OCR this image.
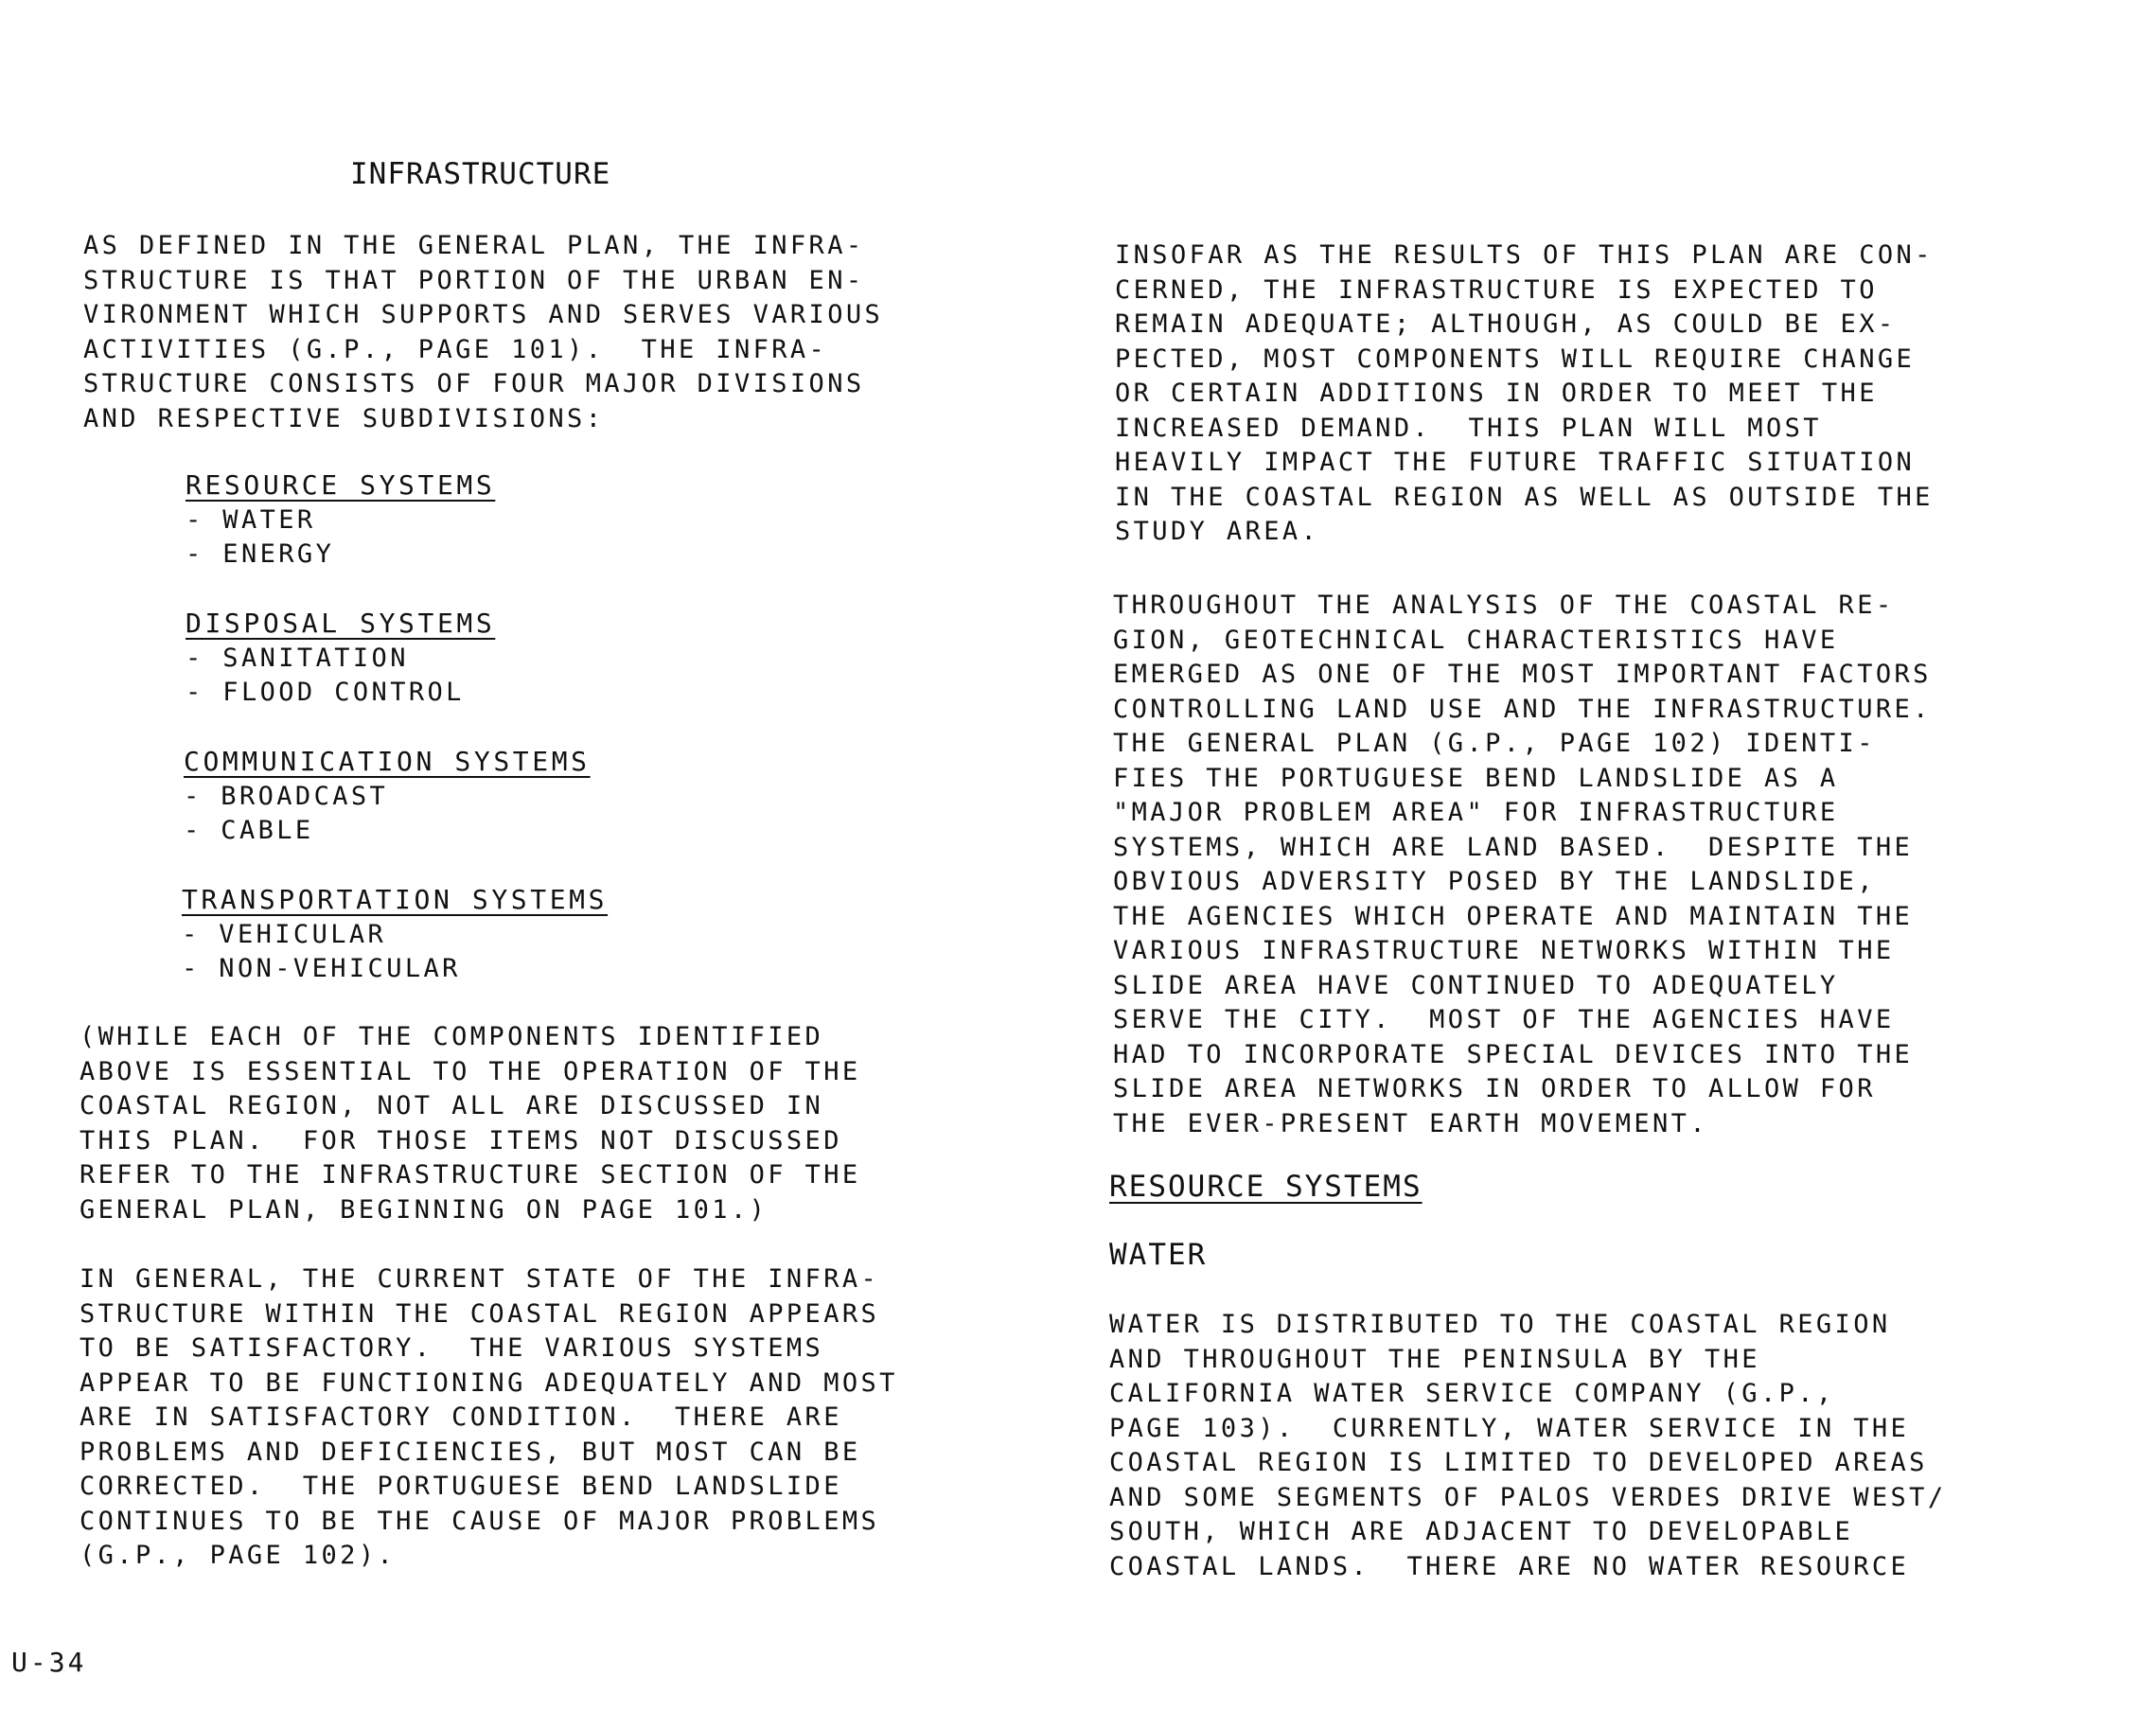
INFRASTRUCTURE

AS DEFINED IN THE GENERAL PLAN, THE INFRA-
STRUCTURE IS THAT PORTION OF THE URBAN EN-
VIRONMENT WHICH SUPPORTS AND SERVES VARIOUS
ACTIVITIES (G.P., PAGE 101).  THE INFRA-
STRUCTURE CONSISTS OF FOUR MAJOR DIVISIONS
AND RESPECTIVE SUBDIVISIONS:

RESOURCE SYSTEMS
- WATER
- ENERGY
DISPOSAL SYSTEMS
- SANITATION
- FLOOD CONTROL
COMMUNICATION SYSTEMS
- BROADCAST
- CABLE
TRANSPORTATION SYSTEMS
- VEHICULAR
- NON-VEHICULAR

(WHILE EACH OF THE COMPONENTS IDENTIFIED
ABOVE IS ESSENTIAL TO THE OPERATION OF THE
COASTAL REGION, NOT ALL ARE DISCUSSED IN
THIS PLAN.  FOR THOSE ITEMS NOT DISCUSSED
REFER TO THE INFRASTRUCTURE SECTION OF THE
GENERAL PLAN, BEGINNING ON PAGE 101.)

IN GENERAL, THE CURRENT STATE OF THE INFRA-
STRUCTURE WITHIN THE COASTAL REGION APPEARS
TO BE SATISFACTORY.  THE VARIOUS SYSTEMS
APPEAR TO BE FUNCTIONING ADEQUATELY AND MOST
ARE IN SATISFACTORY CONDITION.  THERE ARE
PROBLEMS AND DEFICIENCIES, BUT MOST CAN BE
CORRECTED.  THE PORTUGUESE BEND LANDSLIDE
CONTINUES TO BE THE CAUSE OF MAJOR PROBLEMS
(G.P., PAGE 102).

INSOFAR AS THE RESULTS OF THIS PLAN ARE CON-
CERNED, THE INFRASTRUCTURE IS EXPECTED TO
REMAIN ADEQUATE; ALTHOUGH, AS COULD BE EX-
PECTED, MOST COMPONENTS WILL REQUIRE CHANGE
OR CERTAIN ADDITIONS IN ORDER TO MEET THE
INCREASED DEMAND.  THIS PLAN WILL MOST
HEAVILY IMPACT THE FUTURE TRAFFIC SITUATION
IN THE COASTAL REGION AS WELL AS OUTSIDE THE
STUDY AREA.

THROUGHOUT THE ANALYSIS OF THE COASTAL RE-
GION, GEOTECHNICAL CHARACTERISTICS HAVE
EMERGED AS ONE OF THE MOST IMPORTANT FACTORS
CONTROLLING LAND USE AND THE INFRASTRUCTURE.
THE GENERAL PLAN (G.P., PAGE 102) IDENTI-
FIES THE PORTUGUESE BEND LANDSLIDE AS A
"MAJOR PROBLEM AREA" FOR INFRASTRUCTURE
SYSTEMS, WHICH ARE LAND BASED.  DESPITE THE
OBVIOUS ADVERSITY POSED BY THE LANDSLIDE,
THE AGENCIES WHICH OPERATE AND MAINTAIN THE
VARIOUS INFRASTRUCTURE NETWORKS WITHIN THE
SLIDE AREA HAVE CONTINUED TO ADEQUATELY
SERVE THE CITY.  MOST OF THE AGENCIES HAVE
HAD TO INCORPORATE SPECIAL DEVICES INTO THE
SLIDE AREA NETWORKS IN ORDER TO ALLOW FOR
THE EVER-PRESENT EARTH MOVEMENT.

RESOURCE SYSTEMS
WATER

WATER IS DISTRIBUTED TO THE COASTAL REGION
AND THROUGHOUT THE PENINSULA BY THE
CALIFORNIA WATER SERVICE COMPANY (G.P.,
PAGE 103).  CURRENTLY, WATER SERVICE IN THE
COASTAL REGION IS LIMITED TO DEVELOPED AREAS
AND SOME SEGMENTS OF PALOS VERDES DRIVE WEST/
SOUTH, WHICH ARE ADJACENT TO DEVELOPABLE
COASTAL LANDS.  THERE ARE NO WATER RESOURCE

U-34
